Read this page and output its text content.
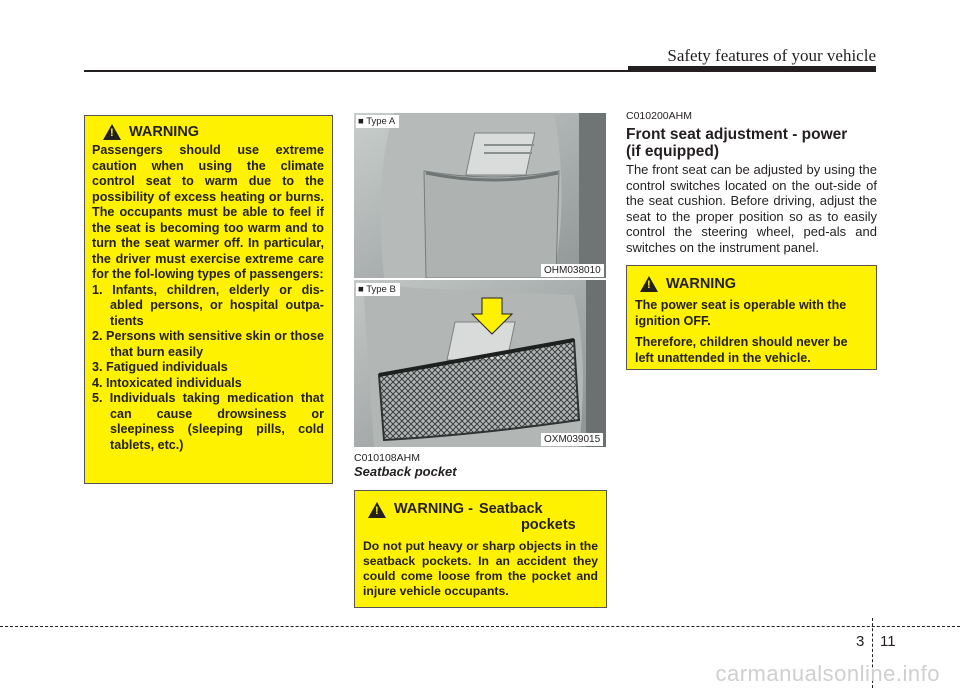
Safety features of your vehicle
!
WARNING
Passengers should use extreme caution when using the climate control seat to warm due to the possibility of excess heating or burns. The occupants must be able to feel if the seat is becoming too warm and to turn the seat warmer off. In particular, the driver must exercise extreme care for the fol-lowing types of passengers:
1. Infants, children, elderly or dis-abled persons, or hospital outpa-tients
2. Persons with sensitive skin or those that burn easily
3. Fatigued individuals
4. Intoxicated individuals
5. Individuals taking medication that can cause drowsiness or sleepiness (sleeping pills, cold tablets, etc.)
■ Type A
OHM038010
■ Type B
OXM039015
C010108AHM
Seatback pocket
!
WARNING - Seatback
pockets
Do not put heavy or sharp objects in the seatback pockets. In an accident they could come loose from the pocket and injure vehicle occupants.
C010200AHM
Front seat adjustment - power
(if equipped)
The front seat can be adjusted by using the control switches located on the out-side of the seat cushion. Before driving, adjust the seat to the proper position so as to easily control the steering wheel, ped-als and switches on the instrument panel.
!
WARNING

The power seat is operable with the ignition OFF.

Therefore, children should never be left unattended in the vehicle.

3 11
carmanualsonline.info
